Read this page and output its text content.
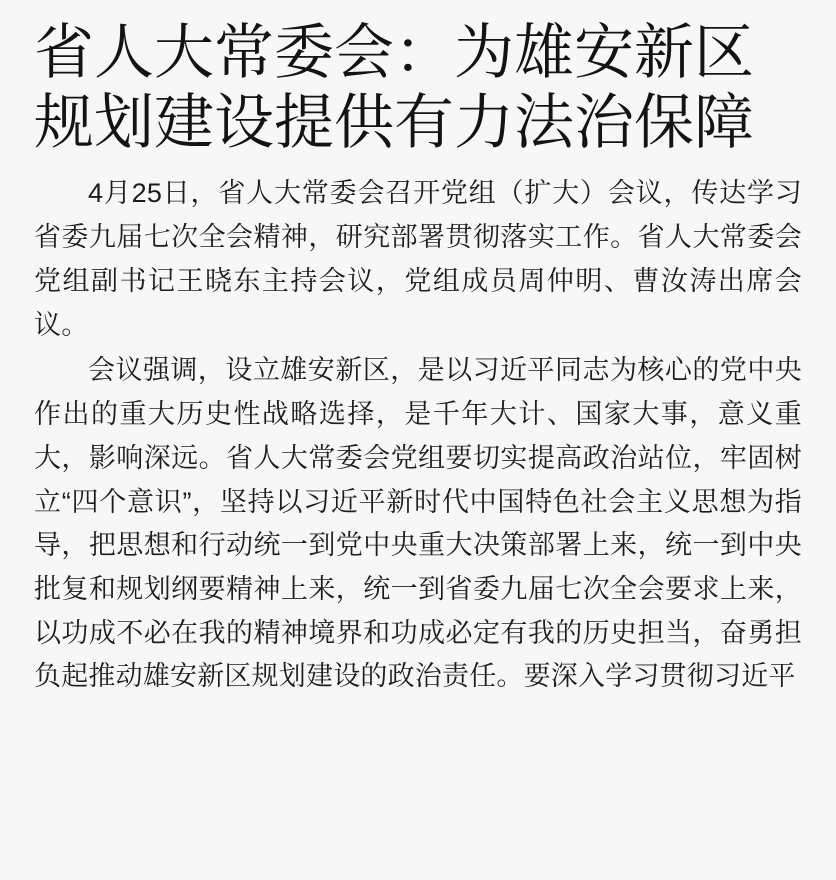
省人大常委会：为雄安新区规划建设提供有力法治保障

4月25日，省人大常委会召开党组（扩大）会议，传达学习省委九届七次全会精神，研究部署贯彻落实工作。省人大常委会党组副书记王晓东主持会议，党组成员周仲明、曹汝涛出席会议。

会议强调，设立雄安新区，是以习近平同志为核心的党中央作出的重大历史性战略选择，是千年大计、国家大事，意义重大，影响深远。省人大常委会党组要切实提高政治站位，牢固树立“四个意识”，坚持以习近平新时代中国特色社会主义思想为指导，把思想和行动统一到党中央重大决策部署上来，统一到中央批复和规划纲要精神上来，统一到省委九届七次全会要求上来，以功成不必在我的精神境界和功成必定有我的历史担当，奋勇担负起推动雄安新区规划建设的政治责任。要深入学习贯彻习近平
